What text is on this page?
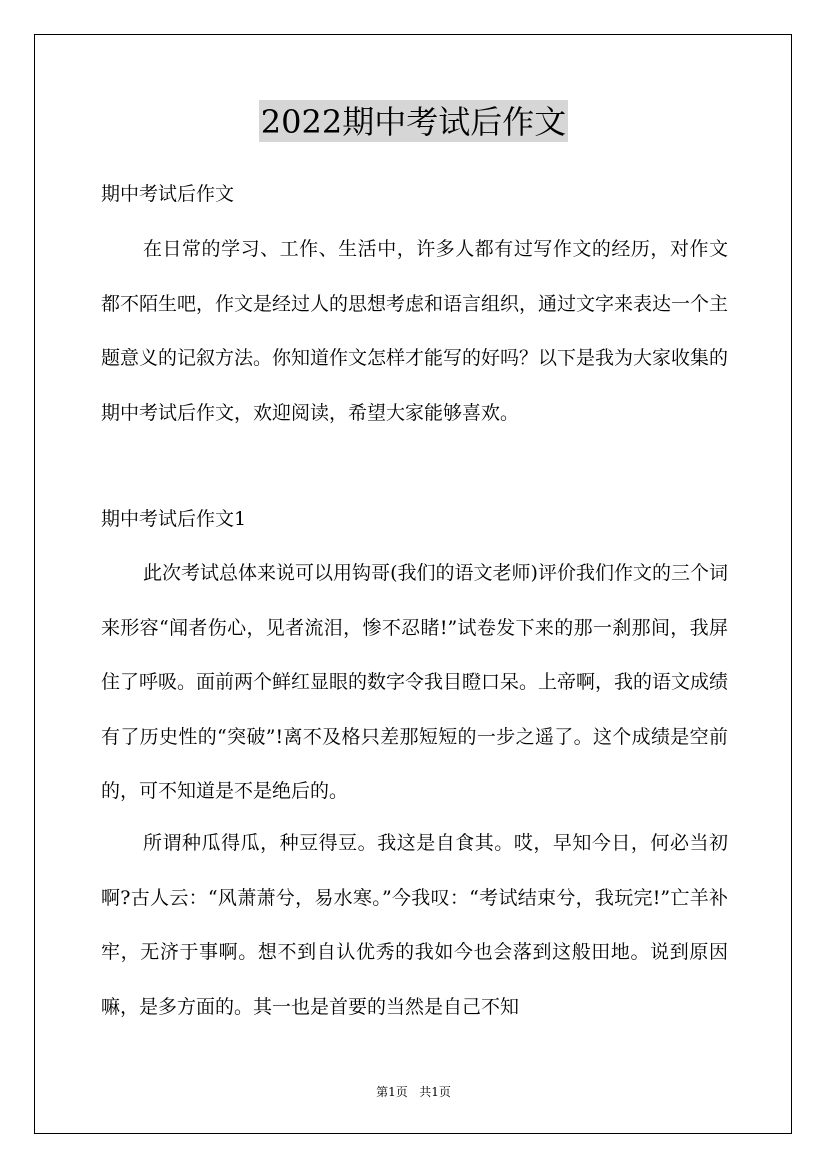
2022期中考试后作文
期中考试后作文

在日常的学习、工作、生活中，许多人都有过写作文的经历，对作文都不陌生吧，作文是经过人的思想考虑和语言组织，通过文字来表达一个主题意义的记叙方法。你知道作文怎样才能写的好吗？以下是我为大家收集的期中考试后作文，欢迎阅读，希望大家能够喜欢。

期中考试后作文1

此次考试总体来说可以用钩哥(我们的语文老师)评价我们作文的三个词来形容“闻者伤心，见者流泪，惨不忍睹!”试卷发下来的那一刹那间，我屏住了呼吸。面前两个鲜红显眼的数字令我目瞪口呆。上帝啊，我的语文成绩有了历史性的“突破”!离不及格只差那短短的一步之遥了。这个成绩是空前的，可不知道是不是绝后的。

所谓种瓜得瓜，种豆得豆。我这是自食其。哎，早知今日，何必当初啊?古人云：“风萧萧兮，易水寒。”今我叹：“考试结束兮，我玩完!”亡羊补牢，无济于事啊。想不到自认优秀的我如今也会落到这般田地。说到原因嘛，是多方面的。其一也是首要的当然是自己不知

第1页 共1页
